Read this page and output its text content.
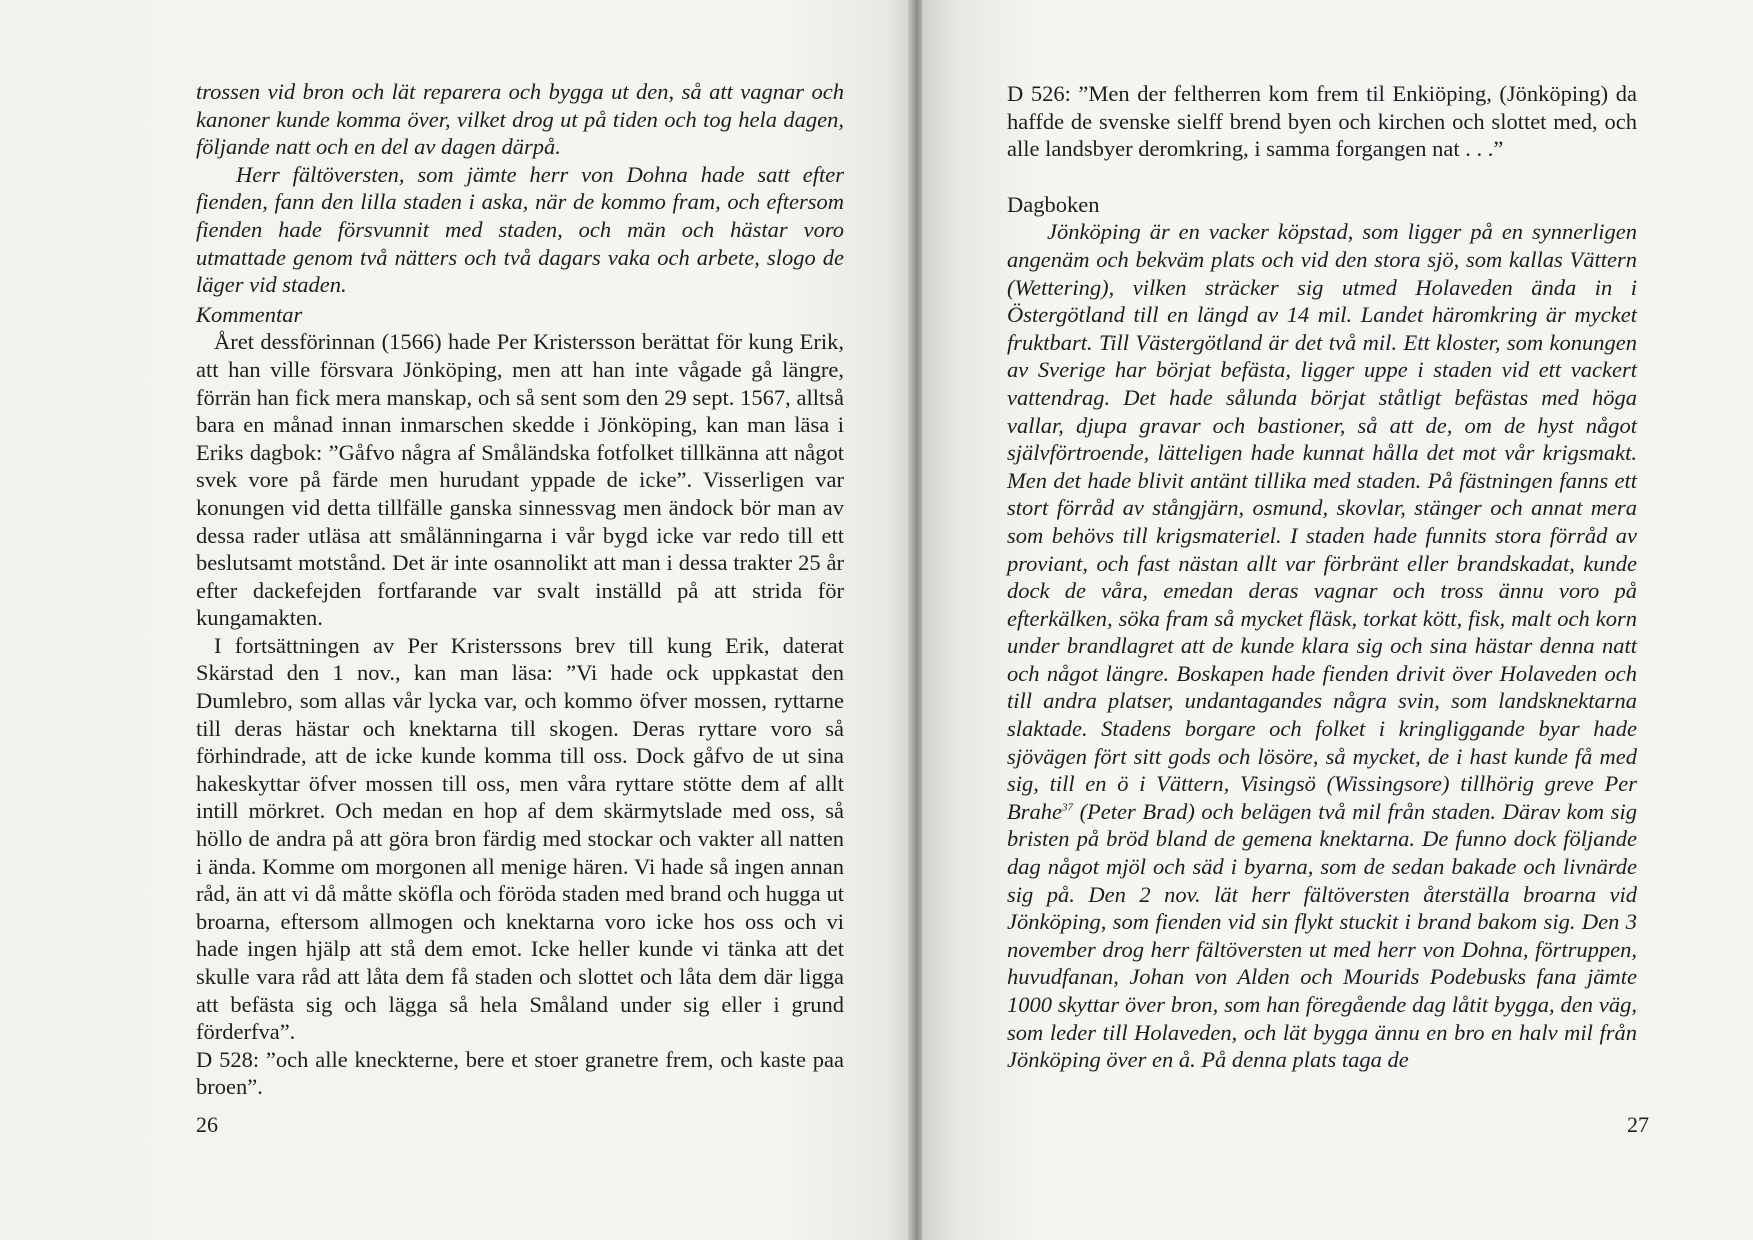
trossen vid bron och lät reparera och bygga ut den, så att vagnar och kanoner kunde komma över, vilket drog ut på tiden och tog hela dagen, följande natt och en del av dagen därpå.

Herr fältöversten, som jämte herr von Dohna hade satt efter fienden, fann den lilla staden i aska, när de kommo fram, och eftersom fienden hade försvunnit med staden, och män och hästar voro utmattade genom två nätters och två dagars vaka och arbete, slogo de läger vid staden.

Kommentar

Året dessförinnan (1566) hade Per Kristersson berättat för kung Erik, att han ville försvara Jönköping, men att han inte vågade gå längre, förrän han fick mera manskap, och så sent som den 29 sept. 1567, alltså bara en månad innan inmarschen skedde i Jönköping, kan man läsa i Eriks dagbok: ”Gåfvo några af Småländska fotfolket tillkänna att något svek vore på färde men hurudant yppade de icke”. Visserligen var konungen vid detta tillfälle ganska sinnessvag men ändock bör man av dessa rader utläsa att smålänningarna i vår bygd icke var redo till ett beslutsamt motstånd. Det är inte osannolikt att man i dessa trakter 25 år efter dackefejden fortfarande var svalt inställd på att strida för kungamakten.

I fortsättningen av Per Kristerssons brev till kung Erik, daterat Skärstad den 1 nov., kan man läsa: ”Vi hade ock uppkastat den Dumlebro, som allas vår lycka var, och kommo öfver mossen, ryttarne till deras hästar och knektarna till skogen. Deras ryttare voro så förhindrade, att de icke kunde komma till oss. Dock gåfvo de ut sina hakeskyttar öfver mossen till oss, men våra ryttare stötte dem af allt intill mörkret. Och medan en hop af dem skärmytslade med oss, så höllo de andra på att göra bron färdig med stockar och vakter all natten i ända. Komme om morgonen all menige hären. Vi hade så ingen annan råd, än att vi då måtte sköfla och föröda staden med brand och hugga ut broarna, eftersom allmogen och knektarna voro icke hos oss och vi hade ingen hjälp att stå dem emot. Icke heller kunde vi tänka att det skulle vara råd att låta dem få staden och slottet och låta dem där ligga att befästa sig och lägga så hela Småland under sig eller i grund förderfva”.

D 528: ”och alle kneckterne, bere et stoer granetre frem, och kaste paa broen”.

26

D 526: ”Men der feltherren kom frem til Enkiöping, (Jönköping) da haffde de svenske sielff brend byen och kirchen och slottet med, och alle landsbyer deromkring, i samma forgangen nat . . .”

Dagboken

Jönköping är en vacker köpstad, som ligger på en synnerligen angenäm och bekväm plats och vid den stora sjö, som kallas Vättern (Wettering), vilken sträcker sig utmed Holaveden ända in i Östergötland till en längd av 14 mil. Landet häromkring är mycket fruktbart. Till Västergötland är det två mil. Ett kloster, som konungen av Sverige har börjat befästa, ligger uppe i staden vid ett vackert vattendrag. Det hade sålunda börjat ståtligt befästas med höga vallar, djupa gravar och bastioner, så att de, om de hyst något självförtroende, lätteligen hade kunnat hålla det mot vår krigsmakt. Men det hade blivit antänt tillika med staden. På fästningen fanns ett stort förråd av stångjärn, osmund, skovlar, stänger och annat mera som behövs till krigsmateriel. I staden hade funnits stora förråd av proviant, och fast nästan allt var förbränt eller brandskadat, kunde dock de våra, emedan deras vagnar och tross ännu voro på efterkälken, söka fram så mycket fläsk, torkat kött, fisk, malt och korn under brandlagret att de kunde klara sig och sina hästar denna natt och något längre. Boskapen hade fienden drivit över Holaveden och till andra platser, undantagandes några svin, som landsknektarna slaktade. Stadens borgare och folket i kringliggande byar hade sjövägen fört sitt gods och lösöre, så mycket, de i hast kunde få med sig, till en ö i Vättern, Visingsö (Wissingsore) tillhörig greve Per Brahe$^{37}$ (Peter Brad) och belägen två mil från staden. Därav kom sig bristen på bröd bland de gemena knektarna. De funno dock följande dag något mjöl och säd i byarna, som de sedan bakade och livnärde sig på. Den 2 nov. lät herr fältöversten återställa broarna vid Jönköping, som fienden vid sin flykt stuckit i brand bakom sig. Den 3 november drog herr fältöversten ut med herr von Dohna, förtruppen, huvudfanan, Johan von Alden och Mourids Podebusks fana jämte 1000 skyttar över bron, som han föregående dag låtit bygga, den väg, som leder till Holaveden, och lät bygga ännu en bro en halv mil från Jönköping över en å. På denna plats taga de

27
